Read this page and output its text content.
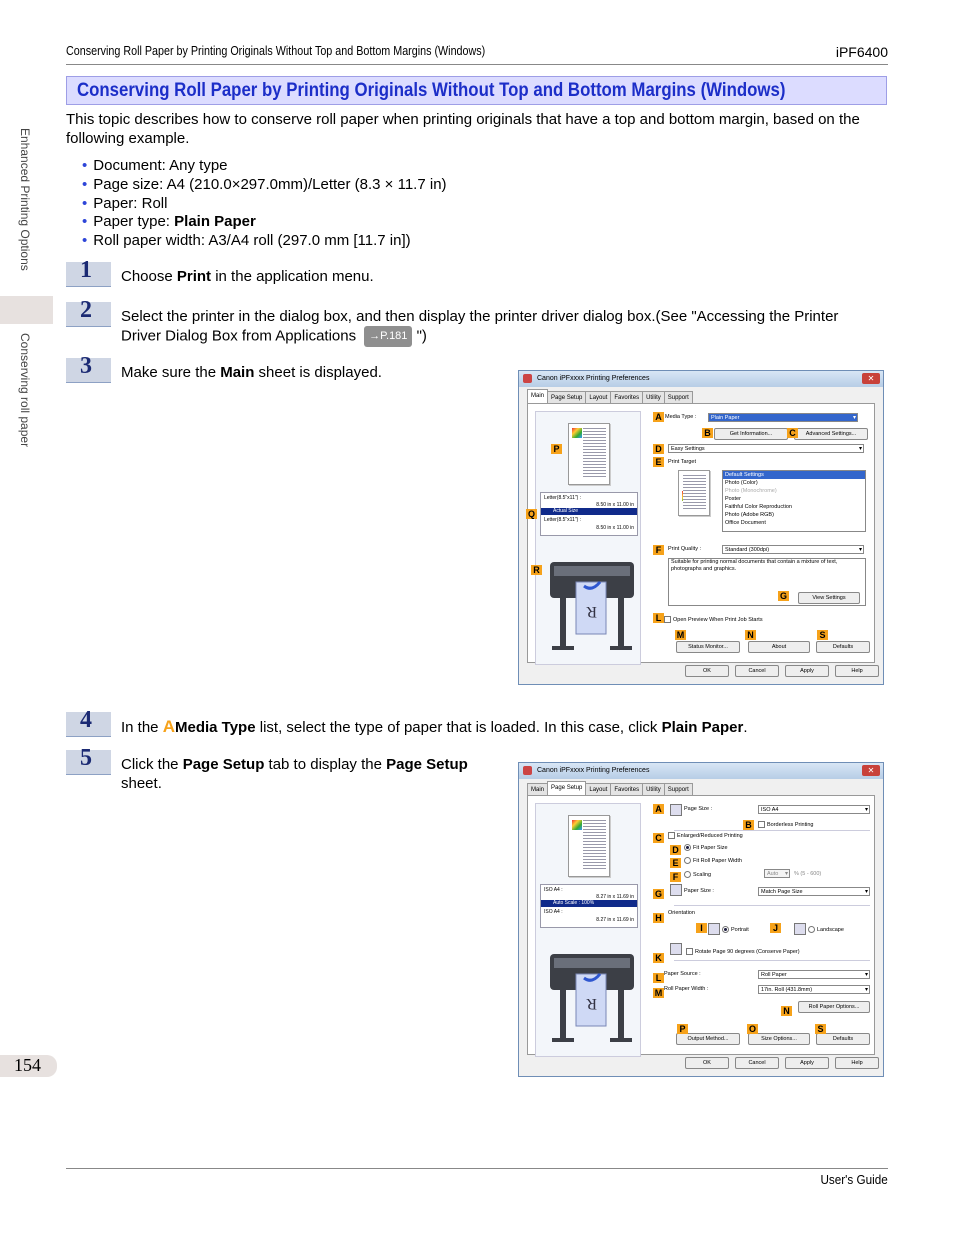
Conserving Roll Paper by Printing Originals Without Top and Bottom Margins (Windows)	iPF6400
Enhanced Printing Options
Conserving roll paper
Conserving Roll Paper by Printing Originals Without Top and Bottom Margins (Windows)
This topic describes how to conserve roll paper when printing originals that have a top and bottom margin, based on the following example.
• Document: Any type
• Page size: A4 (210.0×297.0mm)/Letter (8.3 × 11.7 in)
• Paper: Roll
• Paper type: Plain Paper
• Roll paper width: A3/A4 roll (297.0 mm [11.7 in])
1 Choose Print in the application menu.
2 Select the printer in the dialog box, and then display the printer driver dialog box.(See "Accessing the Printer
Driver Dialog Box from Applications →P.181 ")
3 Make sure the Main sheet is displayed.	Canon iPFxxxx Printing Preferences	✕
Main Page Setup Layout Favorites Utility Support
Letter(8.5"x11") :
8.50 in x 11.00 in
Actual Size
Letter(8.5"x11") :
8.50 in x 11.00 in
R
Media Type :	Plain Paper ▾
Get Information...	Advanced Settings...
Easy Settings ▾
Print Target
Default Settings
Photo (Color)
Photo (Monochrome)
Poster
Faithful Color Reproduction
Photo (Adobe RGB)
Office Document
Print Quality :	Standard (300dpi) ▾
Suitable for printing normal documents that contain a mixture of text, photographs and graphics.
View Settings
Open Preview When Print Job Starts
Status Monitor...	About	Defaults
OK	Cancel	Apply	Help
A
B	C
D
E
F
G
L
M	N	S
P
Q
R
4 In the AMedia Type list, select the type of paper that is loaded. In this case, click Plain Paper.
5 Click the Page Setup tab to display the Page Setup
sheet.
Canon iPFxxxx Printing Preferences	✕
Main Page Setup Layout Favorites Utility Support
ISO A4 :
8.27 in x 11.69 in
Auto Scale : 100%
ISO A4 :
8.27 in x 11.69 in
R
Page Size :	ISO A4 ▾
Borderless Printing
Enlarged/Reduced Printing
Fit Paper Size
Fit Roll Paper Width
Scaling	Auto ▾	% (5 - 600)
Paper Size :	Match Page Size ▾
Orientation
Portrait	Landscape
Rotate Page 90 degrees (Conserve Paper)
Paper Source :	Roll Paper ▾
Roll Paper Width :	17in. Roll (431.8mm) ▾
Roll Paper Options...
Output Method...	Size Options...	Defaults
OK	Cancel	Apply	Help
A
B
C
D
E
F
G
H
I	J
K
L
M
N
P	O	S
154
User's Guide
